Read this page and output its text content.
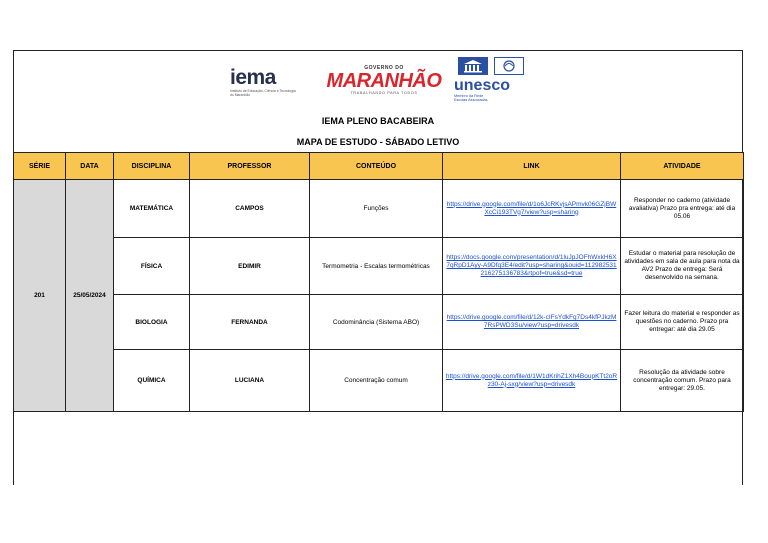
iema
Instituto de Educação, Ciência e Tecnologia do Maranhão
GOVERNO DO
MARANHÃO
TRABALHANDO PARA TODOS	unesco
Membro da Rede
Escolas Associadas
IEMA PLENO BACABEIRA
MAPA DE ESTUDO - SÁBADO LETIVO
SÉRIE	DATA	DISCIPLINA	PROFESSOR	CONTEÚDO	LINK	ATIVIDADE
201	25/05/2024	MATEMÁTICA	CAMPOS	Funções	https://drive.google.com/file/d/1o6JcRKvjsAPmvk06GZjBWXcCi193TVg7/view?usp=sharing	Responder no caderno (atividade avaliativa) Prazo pra entrega: até dia 05.06
		FÍSICA	EDIMIR	Termometria - Escalas termométricas	https://docs.google.com/presentation/d/1luJpJOFhWxkH6X7qRpD1Ayy-A9Dfq3E4/edit?usp=sharing&ouid=112982531216275136783&rtpof=true&sd=true	Estudar o material para resolução de atividades em sala de aula para nota da AV2 Prazo de entrega: Será desenvolvido na semana.
		BIOLOGIA	FERNANDA	Codominância (Sistema ABO)	https://drive.google.com/file/d/12k-cIFsYdkFg7Ds4kfPJkzM7RsPWD3Su/view?usp=drivesdk	Fazer leitura do material e responder as questões no caderno. Prazo pra entregar: até dia 29.05
		QUÍMICA	LUCIANA	Concentração comum	https://drive.google.com/file/d/1W1dKrihZ1Xh4BoupKTt2oRz30-Aj-sxg/view?usp=drivesdk	Resolução da atividade sobre concentração comum. Prazo para entregar: 29.05.
